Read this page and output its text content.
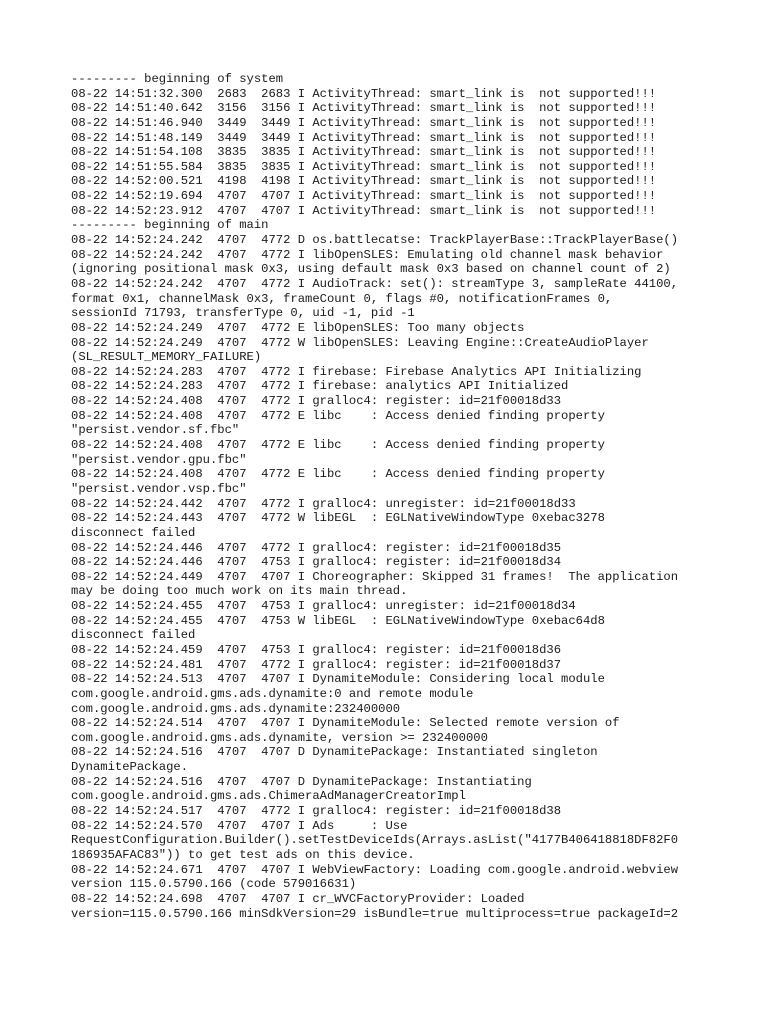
--------- beginning of system
08-22 14:51:32.300  2683  2683 I ActivityThread: smart_link is  not supported!!!
08-22 14:51:40.642  3156  3156 I ActivityThread: smart_link is  not supported!!!
08-22 14:51:46.940  3449  3449 I ActivityThread: smart_link is  not supported!!!
08-22 14:51:48.149  3449  3449 I ActivityThread: smart_link is  not supported!!!
08-22 14:51:54.108  3835  3835 I ActivityThread: smart_link is  not supported!!!
08-22 14:51:55.584  3835  3835 I ActivityThread: smart_link is  not supported!!!
08-22 14:52:00.521  4198  4198 I ActivityThread: smart_link is  not supported!!!
08-22 14:52:19.694  4707  4707 I ActivityThread: smart_link is  not supported!!!
08-22 14:52:23.912  4707  4707 I ActivityThread: smart_link is  not supported!!!
--------- beginning of main
08-22 14:52:24.242  4707  4772 D os.battlecatse: TrackPlayerBase::TrackPlayerBase()
08-22 14:52:24.242  4707  4772 I libOpenSLES: Emulating old channel mask behavior
(ignoring positional mask 0x3, using default mask 0x3 based on channel count of 2)
08-22 14:52:24.242  4707  4772 I AudioTrack: set(): streamType 3, sampleRate 44100,
format 0x1, channelMask 0x3, frameCount 0, flags #0, notificationFrames 0,
sessionId 71793, transferType 0, uid -1, pid -1
08-22 14:52:24.249  4707  4772 E libOpenSLES: Too many objects
08-22 14:52:24.249  4707  4772 W libOpenSLES: Leaving Engine::CreateAudioPlayer
(SL_RESULT_MEMORY_FAILURE)
08-22 14:52:24.283  4707  4772 I firebase: Firebase Analytics API Initializing
08-22 14:52:24.283  4707  4772 I firebase: analytics API Initialized
08-22 14:52:24.408  4707  4772 I gralloc4: register: id=21f00018d33
08-22 14:52:24.408  4707  4772 E libc    : Access denied finding property
"persist.vendor.sf.fbc"
08-22 14:52:24.408  4707  4772 E libc    : Access denied finding property
"persist.vendor.gpu.fbc"
08-22 14:52:24.408  4707  4772 E libc    : Access denied finding property
"persist.vendor.vsp.fbc"
08-22 14:52:24.442  4707  4772 I gralloc4: unregister: id=21f00018d33
08-22 14:52:24.443  4707  4772 W libEGL  : EGLNativeWindowType 0xebac3278
disconnect failed
08-22 14:52:24.446  4707  4772 I gralloc4: register: id=21f00018d35
08-22 14:52:24.446  4707  4753 I gralloc4: register: id=21f00018d34
08-22 14:52:24.449  4707  4707 I Choreographer: Skipped 31 frames!  The application
may be doing too much work on its main thread.
08-22 14:52:24.455  4707  4753 I gralloc4: unregister: id=21f00018d34
08-22 14:52:24.455  4707  4753 W libEGL  : EGLNativeWindowType 0xebac64d8
disconnect failed
08-22 14:52:24.459  4707  4753 I gralloc4: register: id=21f00018d36
08-22 14:52:24.481  4707  4772 I gralloc4: register: id=21f00018d37
08-22 14:52:24.513  4707  4707 I DynamiteModule: Considering local module
com.google.android.gms.ads.dynamite:0 and remote module
com.google.android.gms.ads.dynamite:232400000
08-22 14:52:24.514  4707  4707 I DynamiteModule: Selected remote version of
com.google.android.gms.ads.dynamite, version >= 232400000
08-22 14:52:24.516  4707  4707 D DynamitePackage: Instantiated singleton
DynamitePackage.
08-22 14:52:24.516  4707  4707 D DynamitePackage: Instantiating
com.google.android.gms.ads.ChimeraAdManagerCreatorImpl
08-22 14:52:24.517  4707  4772 I gralloc4: register: id=21f00018d38
08-22 14:52:24.570  4707  4707 I Ads     : Use
RequestConfiguration.Builder().setTestDeviceIds(Arrays.asList("4177B406418818DF82F0
186935AFAC83")) to get test ads on this device.
08-22 14:52:24.671  4707  4707 I WebViewFactory: Loading com.google.android.webview
version 115.0.5790.166 (code 579016631)
08-22 14:52:24.698  4707  4707 I cr_WVCFactoryProvider: Loaded
version=115.0.5790.166 minSdkVersion=29 isBundle=true multiprocess=true packageId=2
